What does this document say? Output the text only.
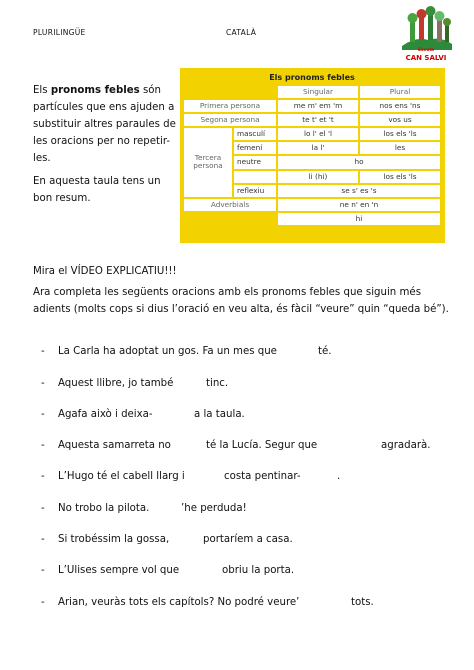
PLURILINGÜE	CATALÀ
Escola
CAN SALVI
Els pronoms febles són partícules que ens ajuden a substituir altres paraules de les oracions per no repetir-les.
En aquesta taula tens un bon resum.
Els pronoms febles
Singular	Plural
Primera persona	me m' em 'm	nos ens 'ns
Segona persona	te t' et 't	vos us
Tercera persona
masculí	lo l' el 'l	los els 'ls
femení	la l'	les
neutre	ho
li (hi)	los els 'ls
reflexiu	se s' es 's
Adverbials	ne n' en 'n
hi
Mira el VÍDEO EXPLICATIU!!!
Ara completa les següents oracions amb els pronoms febles que siguin més adients (molts cops si dius l’oració en veu alta, és fàcil “veure” quin “queda bé”).
- La Carla ha adoptat un gos. Fa un mes que	té.
- Aquest llibre, jo també	tinc.
- Agafa això i deixa-	a la taula.
- Aquesta samarreta no	té la Lucía. Segur que	agradarà.
- L’Hugo té el cabell llarg i	costa pentinar-	.
- No trobo la pilota.	’he perduda!
- Si trobéssim la gossa,	portaríem a casa.
- L’Ulises sempre vol que	obriu la porta.
- Arian, veuràs tots els capítols? No podré veure’	tots.
